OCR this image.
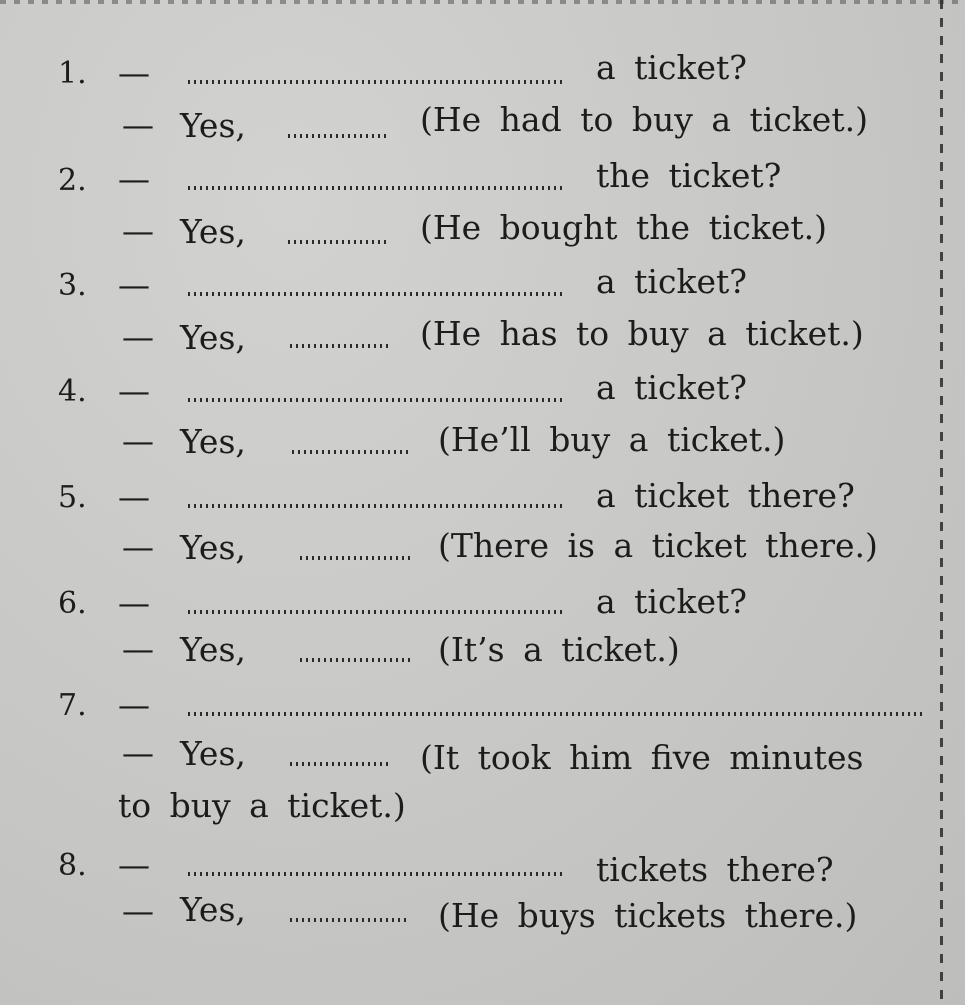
1. —	a ticket?
— Yes,	(He had to buy a ticket.)
2. —	the ticket?
— Yes,	(He bought the ticket.)
3. —	a ticket?
— Yes,	(He has to buy a ticket.)
4. —	a ticket?
— Yes,	(He’ll buy a ticket.)
5. —	a ticket there?
— Yes,	(There is a ticket there.)
6. —	a ticket?
— Yes,	(It’s a ticket.)
7. —
— Yes,	(It took him five minutes
to buy a ticket.)
8. —	tickets there?
— Yes,	(He buys tickets there.)
